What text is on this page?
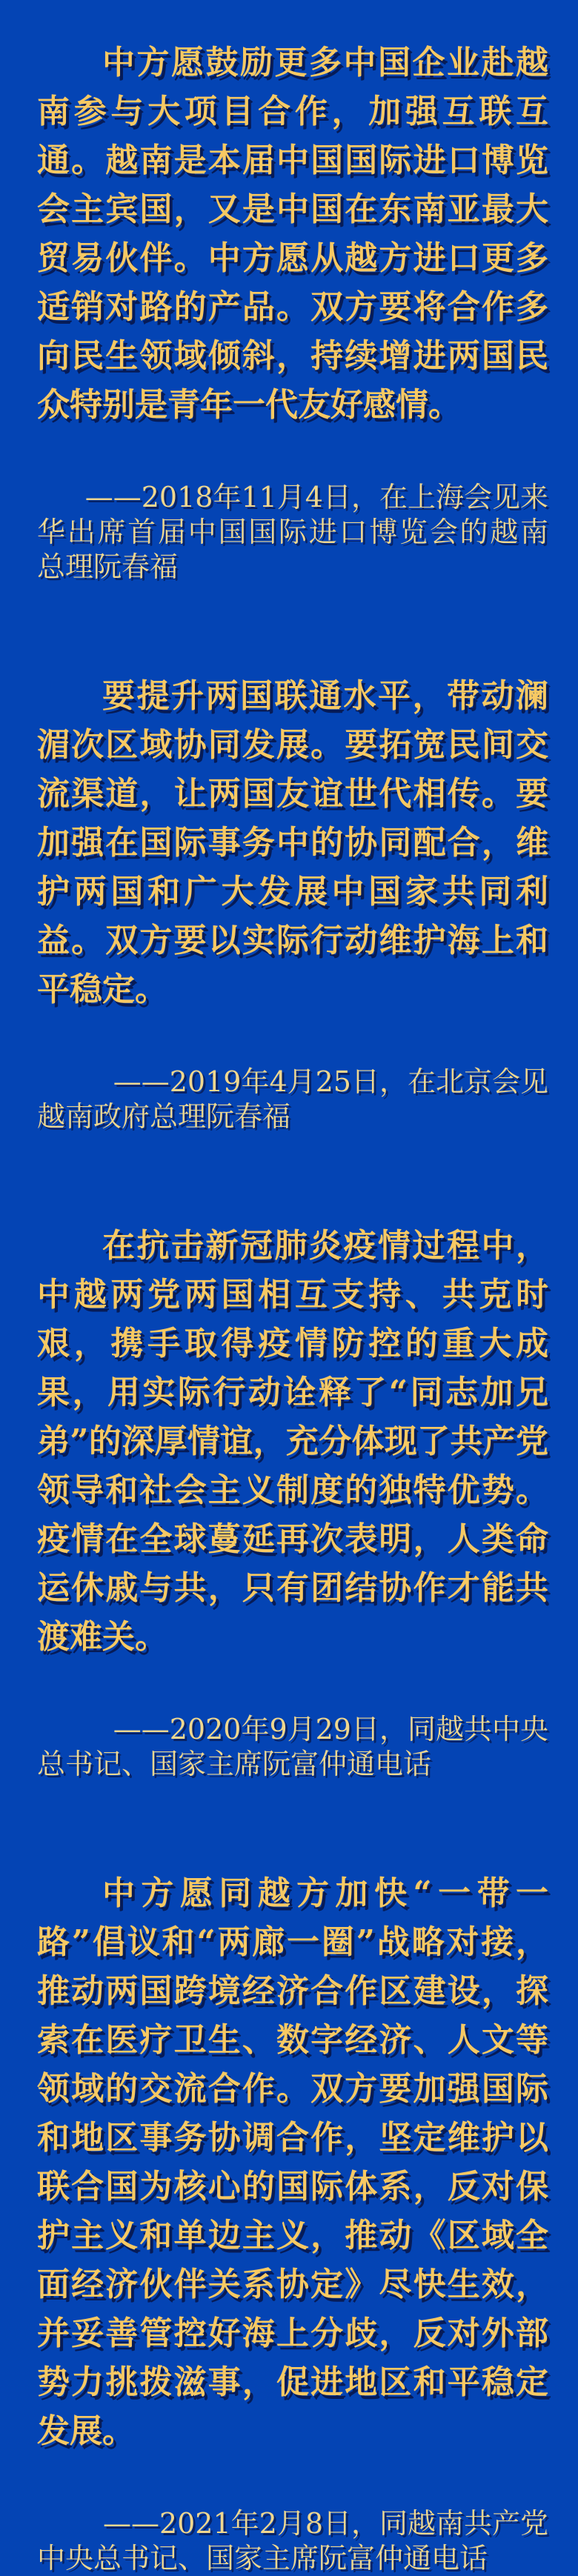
中方愿鼓励更多中国企业赴越南参与大项目合作，加强互联互通。越南是本届中国国际进口博览会主宾国，又是中国在东南亚最大贸易伙伴。中方愿从越方进口更多适销对路的产品。双方要将合作多向民生领域倾斜，持续增进两国民众特别是青年一代友好感情。

——2018年11月4日，在上海会见来
华出席首届中国国际进口博览会的越南
总理阮春福

要提升两国联通水平，带动澜湄次区域协同发展。要拓宽民间交流渠道，让两国友谊世代相传。要加强在国际事务中的协同配合，维护两国和广大发展中国家共同利益。双方要以实际行动维护海上和平稳定。

——2019年4月25日，在北京会见
越南政府总理阮春福

在抗击新冠肺炎疫情过程中，中越两党两国相互支持、共克时艰，携手取得疫情防控的重大成果，用实际行动诠释了“同志加兄弟”的深厚情谊，充分体现了共产党领导和社会主义制度的独特优势。疫情在全球蔓延再次表明，人类命运休戚与共，只有团结协作才能共渡难关。

——2020年9月29日，同越共中央
总书记、国家主席阮富仲通电话

中方愿同越方加快“一带一路”倡议和“两廊一圈”战略对接，推动两国跨境经济合作区建设，探索在医疗卫生、数字经济、人文等领域的交流合作。双方要加强国际和地区事务协调合作，坚定维护以联合国为核心的国际体系，反对保护主义和单边主义，推动《区域全面经济伙伴关系协定》尽快生效，并妥善管控好海上分歧，反对外部势力挑拨滋事，促进地区和平稳定发展。

——2021年2月8日，同越南共产党
中央总书记、国家主席阮富仲通电话
